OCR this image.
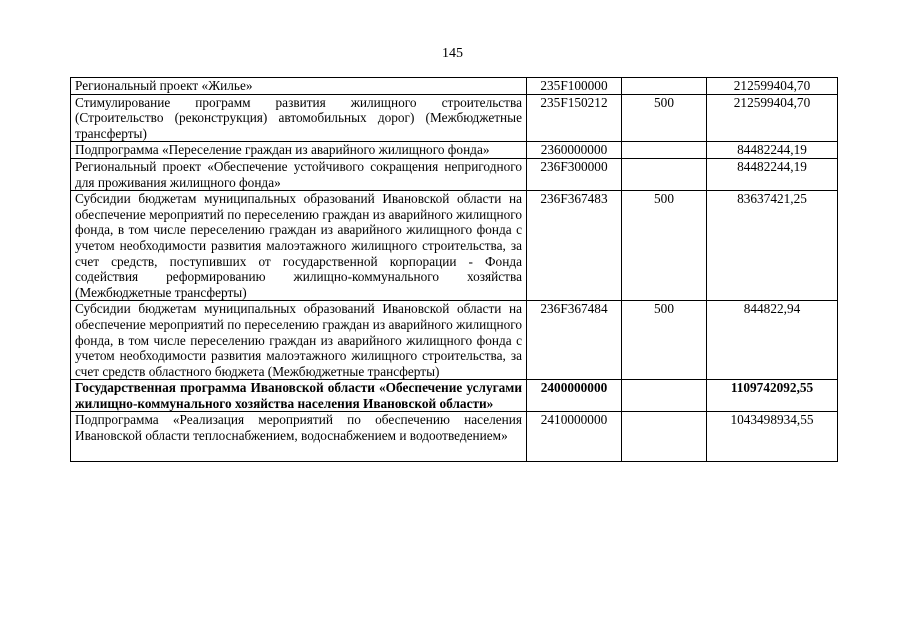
145
Региональный проект «Жилье»	235F100000		212599404,70

Стимулирование программ развития жилищного строительства (Строительство (реконструкция) автомобильных дорог) (Межбюджетные трансферты)	235F150212	500	212599404,70

Подпрограмма «Переселение граждан из аварийного жилищного фонда»	2360000000		84482244,19

Региональный проект «Обеспечение устойчивого сокращения непригодного для проживания жилищного фонда»	236F300000		84482244,19

Субсидии бюджетам муниципальных образований Ивановской области на обеспечение мероприятий по переселению граждан из аварийного жилищного фонда, в том числе переселению граждан из аварийного жилищного фонда с учетом необходимости развития малоэтажного жилищного строительства, за счет средств, поступивших от государственной корпорации - Фонда содействия реформированию жилищно-коммунального хозяйства (Межбюджетные трансферты)	236F367483	500	83637421,25

Субсидии бюджетам муниципальных образований Ивановской области на обеспечение мероприятий по переселению граждан из аварийного жилищного фонда, в том числе переселению граждан из аварийного жилищного фонда с учетом необходимости развития малоэтажного жилищного строительства, за счет средств областного бюджета (Межбюджетные трансферты)	236F367484	500	844822,94

Государственная программа Ивановской области «Обеспечение услугами жилищно-коммунального хозяйства населения Ивановской области»	2400000000		1109742092,55

Подпрограмма «Реализация мероприятий по обеспечению населения Ивановской области теплоснабжением, водоснабжением и водоотведением»	2410000000		1043498934,55
